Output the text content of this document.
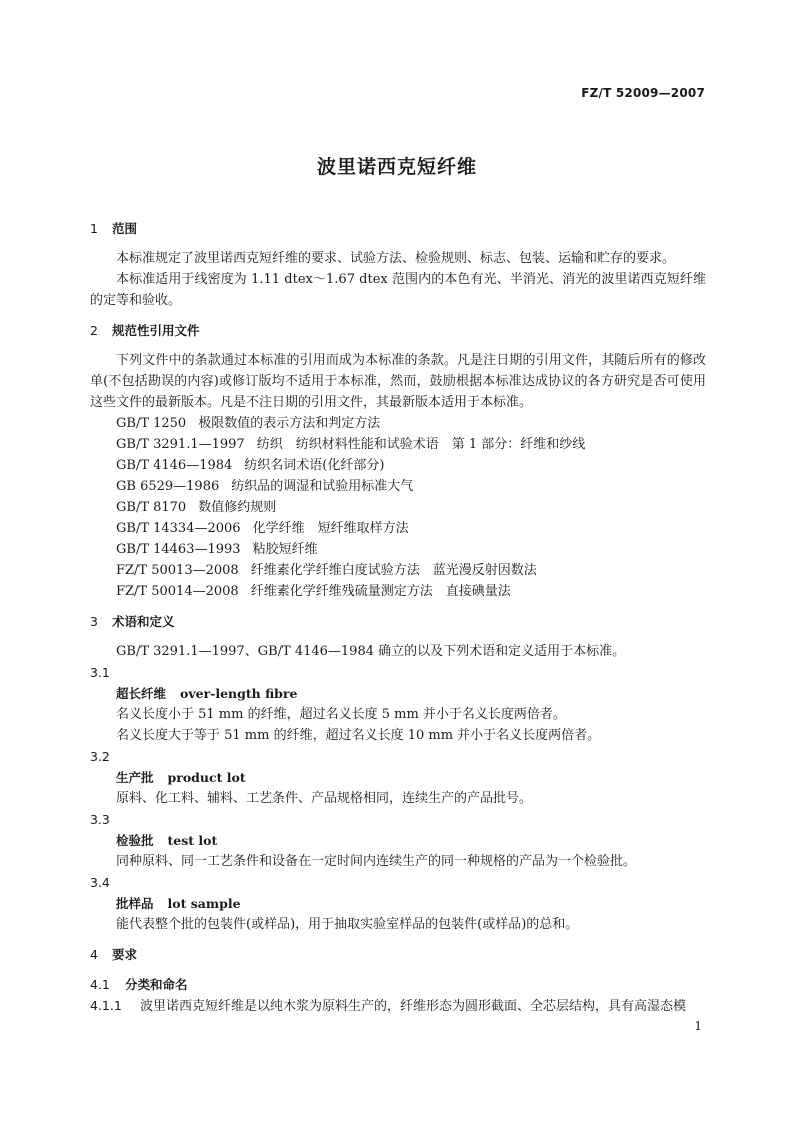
FZ/T 52009—2007
波里诺西克短纤维
1 范围
本标准规定了波里诺西克短纤维的要求、试验方法、检验规则、标志、包装、运输和贮存的要求。
本标准适用于线密度为 1.11 dtex～1.67 dtex 范围内的本色有光、半消光、消光的波里诺西克短纤维的定等和验收。
2 规范性引用文件
下列文件中的条款通过本标准的引用而成为本标准的条款。凡是注日期的引用文件，其随后所有的修改单(不包括勘误的内容)或修订版均不适用于本标准，然而，鼓励根据本标准达成协议的各方研究是否可使用这些文件的最新版本。凡是不注日期的引用文件，其最新版本适用于本标准。
GB/T 1250 极限数值的表示方法和判定方法
GB/T 3291.1—1997 纺织　纺织材料性能和试验术语　第 1 部分：纤维和纱线
GB/T 4146—1984 纺织名词术语(化纤部分)
GB 6529—1986 纺织品的调湿和试验用标准大气
GB/T 8170 数值修约规则
GB/T 14334—2006 化学纤维　短纤维取样方法
GB/T 14463—1993 粘胶短纤维
FZ/T 50013—2008 纤维素化学纤维白度试验方法　蓝光漫反射因数法
FZ/T 50014—2008 纤维素化学纤维残硫量测定方法　直接碘量法
3 术语和定义
GB/T 3291.1—1997、GB/T 4146—1984 确立的以及下列术语和定义适用于本标准。
3.1
超长纤维 over-length fibre
名义长度小于 51 mm 的纤维，超过名义长度 5 mm 并小于名义长度两倍者。
名义长度大于等于 51 mm 的纤维，超过名义长度 10 mm 并小于名义长度两倍者。
3.2
生产批 product lot
原料、化工料、辅料、工艺条件、产品规格相同，连续生产的产品批号。
3.3
检验批 test lot
同种原料、同一工艺条件和设备在一定时间内连续生产的同一种规格的产品为一个检验批。
3.4
批样品 lot sample
能代表整个批的包装件(或样品)，用于抽取实验室样品的包装件(或样品)的总和。
4 要求
4.1 分类和命名
4.1.1 波里诺西克短纤维是以纯木浆为原料生产的，纤维形态为圆形截面、全芯层结构，具有高湿态模
1
